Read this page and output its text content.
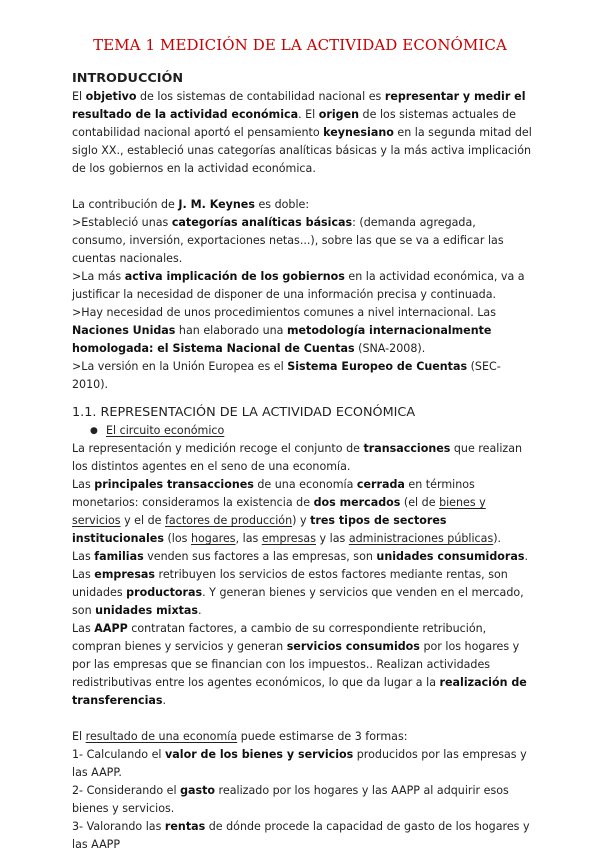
TEMA 1 MEDICIÓN DE LA ACTIVIDAD ECONÓMICA
INTRODUCCIÓN

El objetivo de los sistemas de contabilidad nacional es representar y medir el resultado de la actividad económica. El origen de los sistemas actuales de contabilidad nacional aportó el pensamiento keynesiano en la segunda mitad del siglo XX., estableció unas categorías analíticas básicas y la más activa implicación de los gobiernos en la actividad económica.

La contribución de J. M. Keynes es doble:

>Estableció unas categorías analíticas básicas: (demanda agregada, consumo, inversión, exportaciones netas...), sobre las que se va a edificar las cuentas nacionales.

>La más activa implicación de los gobiernos en la actividad económica, va a justificar la necesidad de disponer de una información precisa y continuada.

>Hay necesidad de unos procedimientos comunes a nivel internacional. Las Naciones Unidas han elaborado una metodología internacionalmente homologada: el Sistema Nacional de Cuentas (SNA-2008).

>La versión en la Unión Europea es el Sistema Europeo de Cuentas (SEC-2010).

1.1. REPRESENTACIÓN DE LA ACTIVIDAD ECONÓMICA

● El circuito económico

La representación y medición recoge el conjunto de transacciones que realizan los distintos agentes en el seno de una economía.

Las principales transacciones de una economía cerrada en términos monetarios: consideramos la existencia de dos mercados (el de bienes y servicios y el de factores de producción) y tres tipos de sectores institucionales (los hogares, las empresas y las administraciones públicas).

Las familias venden sus factores a las empresas, son unidades consumidoras.

Las empresas retribuyen los servicios de estos factores mediante rentas, son unidades productoras. Y generan bienes y servicios que venden en el mercado, son unidades mixtas.

Las AAPP contratan factores, a cambio de su correspondiente retribución, compran bienes y servicios y generan servicios consumidos por los hogares y por las empresas que se financian con los impuestos.. Realizan actividades redistributivas entre los agentes económicos, lo que da lugar a la realización de transferencias.

El resultado de una economía puede estimarse de 3 formas:

1- Calculando el valor de los bienes y servicios producidos por las empresas y las AAPP.

2- Considerando el gasto realizado por los hogares y las AAPP al adquirir esos bienes y servicios.

3- Valorando las rentas de dónde procede la capacidad de gasto de los hogares y las AAPP
